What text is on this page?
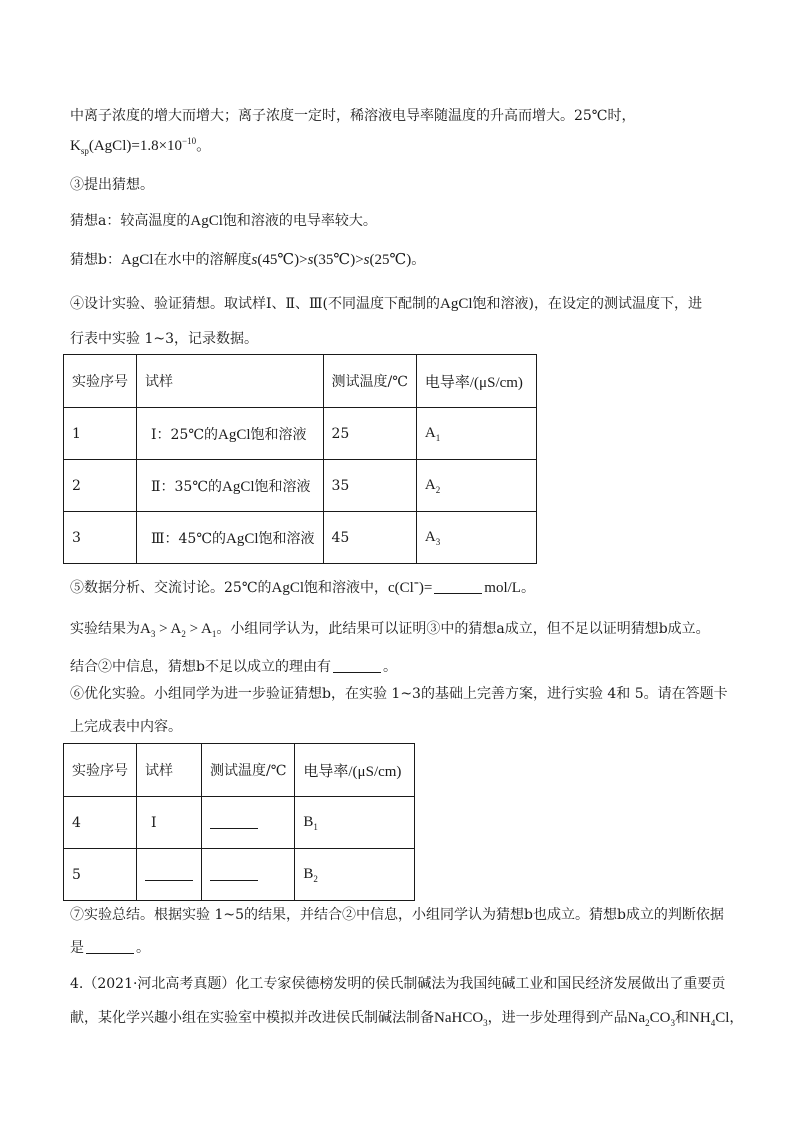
中离子浓度的增大而增大；离子浓度一定时，稀溶液电导率随温度的升高而增大。25℃时，
$K_{sp}(AgCl)=1.8\times 10^{-10}$。
③提出猜想。
猜想a：较高温度的AgCl饱和溶液的电导率较大。
猜想b：AgCl在水中的溶解度s(45℃)>s(35℃)>s(25℃)。
④设计实验、验证猜想。取试样Ⅰ、Ⅱ、Ⅲ(不同温度下配制的AgCl饱和溶液)，在设定的测试温度下，进
行表中实验 1~3，记录数据。
实验序号	试样	测试温度/℃	电导率/(μS/cm)
1	Ⅰ：25℃的AgCl饱和溶液	25	$A_1$
2	Ⅱ：35℃的AgCl饱和溶液	35	$A_2$
3	Ⅲ：45℃的AgCl饱和溶液	45	$A_3$
⑤数据分析、交流讨论。25℃的AgCl饱和溶液中，c(Cl-)=	mol/L。
实验结果为$A_3 > A_2 > A_1$。小组同学认为，此结果可以证明③中的猜想a成立，但不足以证明猜想b成立。
结合②中信息，猜想b不足以成立的理由有	。
⑥优化实验。小组同学为进一步验证猜想b，在实验 1~3的基础上完善方案，进行实验 4和 5。请在答题卡
上完成表中内容。
实验序号	试样	测试温度/℃	电导率/(μS/cm)
4	Ⅰ		$B_1$
5			$B_2$
⑦实验总结。根据实验 1~5的结果，并结合②中信息，小组同学认为猜想b也成立。猜想b成立的判断依据
是	。
4.（2021·河北高考真题）化工专家侯德榜发明的侯氏制碱法为我国纯碱工业和国民经济发展做出了重要贡
献，某化学兴趣小组在实验室中模拟并改进侯氏制碱法制备NaHCO$_3$，进一步处理得到产品$Na_2CO_3$和$NH_4Cl$，
